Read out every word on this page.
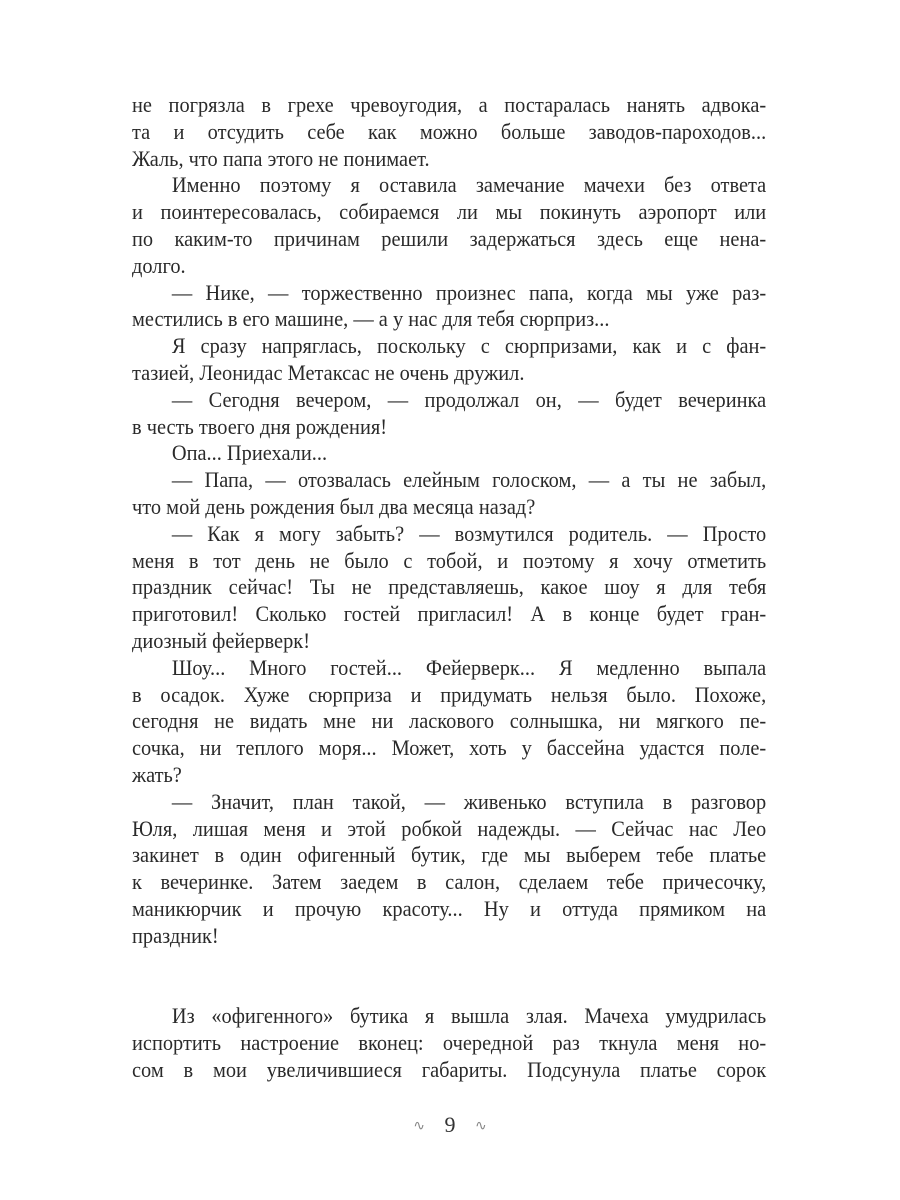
не погрязла в грехе чревоугодия, а постаралась нанять адвока-
та и отсудить себе как можно больше заводов-пароходов...
Жаль, что папа этого не понимает.
Именно поэтому я оставила замечание мачехи без ответа
и поинтересовалась, собираемся ли мы покинуть аэропорт или
по каким-то причинам решили задержаться здесь еще нена-
долго.
— Нике, — торжественно произнес папа, когда мы уже раз-
местились в его машине, — а у нас для тебя сюрприз...
Я сразу напряглась, поскольку с сюрпризами, как и с фан-
тазией, Леонидас Метаксас не очень дружил.
— Сегодня вечером, — продолжал он, — будет вечеринка
в честь твоего дня рождения!
Опа... Приехали...
— Папа, — отозвалась елейным голоском, — а ты не забыл,
что мой день рождения был два месяца назад?
— Как я могу забыть? — возмутился родитель. — Просто
меня в тот день не было с тобой, и поэтому я хочу отметить
праздник сейчас! Ты не представляешь, какое шоу я для тебя
приготовил! Сколько гостей пригласил! А в конце будет гран-
диозный фейерверк!
Шоу... Много гостей... Фейерверк... Я медленно выпала
в осадок. Хуже сюрприза и придумать нельзя было. Похоже,
сегодня не видать мне ни ласкового солнышка, ни мягкого пе-
сочка, ни теплого моря... Может, хоть у бассейна удастся поле-
жать?
— Значит, план такой, — живенько вступила в разговор
Юля, лишая меня и этой робкой надежды. — Сейчас нас Лео
закинет в один офигенный бутик, где мы выберем тебе платье
к вечеринке. Затем заедем в салон, сделаем тебе причесочку,
маникюрчик и прочую красоту... Ну и оттуда прямиком на
праздник!
Из «офигенного» бутика я вышла злая. Мачеха умудрилась
испортить настроение вконец: очередной раз ткнула меня но-
сом в мои увеличившиеся габариты. Подсунула платье сорок
∿ 9 ∿
